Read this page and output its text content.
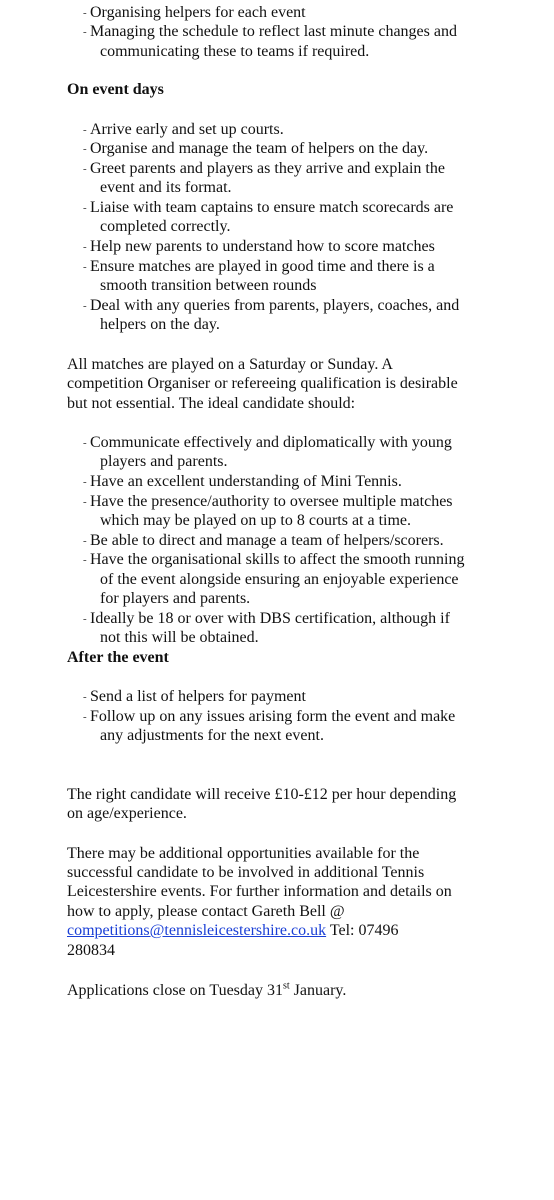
- Organising helpers for each event
- Managing the schedule to reflect last minute changes and
communicating these to teams if required.
On event days
- Arrive early and set up courts.
- Organise and manage the team of helpers on the day.
- Greet parents and players as they arrive and explain the
event and its format.
- Liaise with team captains to ensure match scorecards are
completed correctly.
- Help new parents to understand how to score matches
- Ensure matches are played in good time and there is a
smooth transition between rounds
- Deal with any queries from parents, players, coaches, and
helpers on the day.
All matches are played on a Saturday or Sunday. A
competition Organiser or refereeing qualification is desirable
but not essential. The ideal candidate should:
- Communicate effectively and diplomatically with young
players and parents.
- Have an excellent understanding of Mini Tennis.
- Have the presence/authority to oversee multiple matches
which may be played on up to 8 courts at a time.
- Be able to direct and manage a team of helpers/scorers.
- Have the organisational skills to affect the smooth running
of the event alongside ensuring an enjoyable experience
for players and parents.
- Ideally be 18 or over with DBS certification, although if
not this will be obtained.
After the event
- Send a list of helpers for payment
- Follow up on any issues arising form the event and make
any adjustments for the next event.
The right candidate will receive £10-£12 per hour depending
on age/experience.
There may be additional opportunities available for the
successful candidate to be involved in additional Tennis
Leicestershire events. For further information and details on
how to apply, please contact Gareth Bell @
competitions@tennisleicestershire.co.uk Tel: 07496
280834
Applications close on Tuesday 31st January.
